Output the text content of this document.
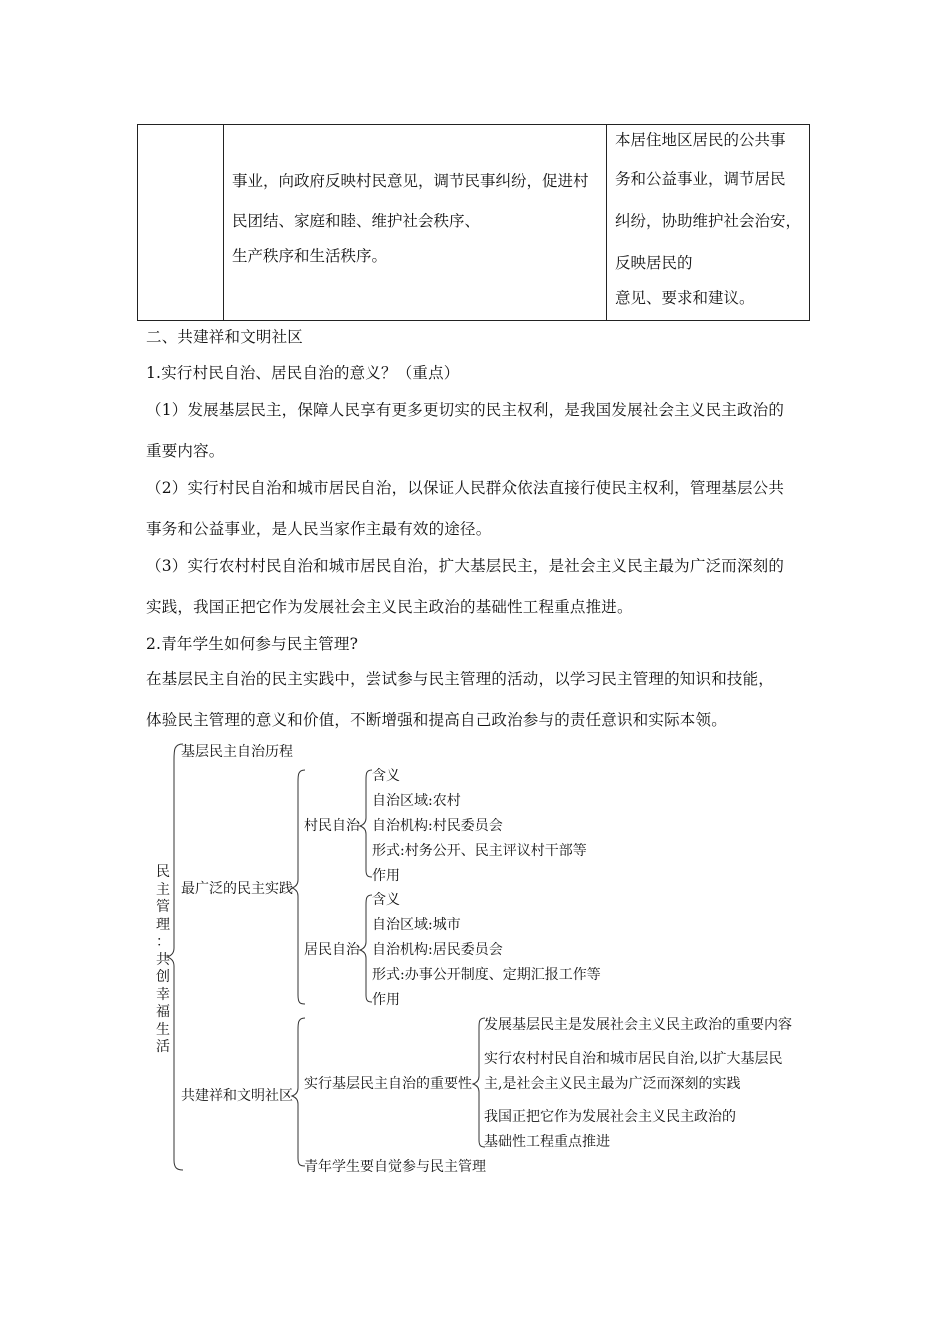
事业，向政府反映村民意见，调节民事纠纷，促进村
民团结、家庭和睦、维护社会秩序、
生产秩序和生活秩序。
本居住地区居民的公共事
务和公益事业，调节居民
纠纷，协助维护社会治安，
反映居民的
意见、要求和建议。
二、共建祥和文明社区
1.实行村民自治、居民自治的意义？（重点）
（1）发展基层民主，保障人民享有更多更切实的民主权利，是我国发展社会主义民主政治的
重要内容。
（2）实行村民自治和城市居民自治，以保证人民群众依法直接行使民主权利，管理基层公共
事务和公益事业，是人民当家作主最有效的途径。
（3）实行农村村民自治和城市居民自治，扩大基层民主，是社会主义民主最为广泛而深刻的
实践，我国正把它作为发展社会主义民主政治的基础性工程重点推进。
2.青年学生如何参与民主管理?
在基层民主自治的民主实践中，尝试参与民主管理的活动，以学习民主管理的知识和技能，
体验民主管理的意义和价值，不断增强和提高自己政治参与的责任意识和实际本领。
民
主
管
理
：
共
创
幸
福
生
活
基层民主自治历程
最广泛的民主实践
共建祥和文明社区
村民自治
居民自治
实行基层民主自治的重要性
青年学生要自觉参与民主管理
含义
自治区域:农村
自治机构:村民委员会
形式:村务公开、民主评议村干部等
作用
含义
自治区域:城市
自治机构:居民委员会
形式:办事公开制度、定期汇报工作等
作用
发展基层民主是发展社会主义民主政治的重要内容
实行农村村民自治和城市居民自治,以扩大基层民
主,是社会主义民主最为广泛而深刻的实践
我国正把它作为发展社会主义民主政治的
基础性工程重点推进
